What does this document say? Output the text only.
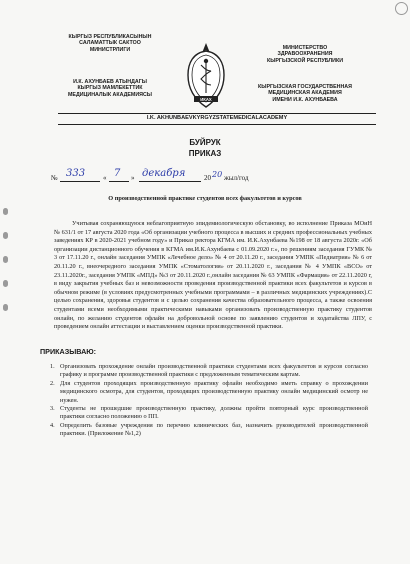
КЫРГЫЗ РЕСПУБЛИКАСЫНЫН
САЛАМАТТЫК САКТОО
МИНИСТРЛИГИ
И.К. АХУНБАЕВ АТЫНДАГЫ
КЫРГЫЗ МАМЛЕКЕТТИК
МЕДИЦИНАЛЫК АКАДЕМИЯСЫ
МИНИСТЕРСТВО
ЗДРАВООХРАНЕНИЯ
КЫРГЫЗСКОЙ РЕСПУБЛИКИ
КЫРГЫЗСКАЯ ГОСУДАРСТВЕННАЯ
МЕДИЦИНСКАЯ АКАДЕМИЯ
ИМЕНИ И.К. АХУНБАЕВА
ИКАХ
I.K. AKHUNBAEVKYRGYZSTATEMEDICALACADEMY
БУЙРУК
ПРИКАЗ
№ 333	« 7 » декабря	20 20 жыл/год
О производственной практике студентов всех факультетов и курсов
Учитывая сохраняющуюся неблагоприятную эпидемиологическую обстановку, во исполнение Приказа МОиН № 631/1 от 17 августа 2020 года «Об организации учебного процесса в высших и средних профессиональных учебных заведениях КР в 2020-2021 учебном году» и Приказ ректора КГМА им. И.К.Ахунбаева №198 от 18 августа 2020г. «Об организации дистанционного обучения в КГМА им.И.К.Ахунбаева с 01.09.2020 г.», по решениям заседания ГУМК № 3 от 17.11.20 г., онлайн заседания УМПК «Лечебное дело» № 4 от 20.11.20 г., заседания УМПК «Педиатрия» № 6 от 20.11.20 г., внеочередного заседания УМПК «Стоматология» от 20.11.2020 г., заседания № 4 УМПК «ВСО» от 23.11.2020г., заседания УМПК «МПД» №3 от 20.11.2020 г.,онлайн заседания № 63 УМПК «Фармация» от 22.11.2020 г, в виду закрытия учебных баз и невозможности проведения производственной практики всех факультетов и курсов в обычном режиме (в условиях предусмотренных учебными программами – в различных медицинских учреждениях).С целью сохранения, здоровья студентов и с целью сохранения качества образовательного процесса, а также освоения студентами всеми необходимыми практическими навыками организовать производственную практику студентов онлайн, по желанию студентов офлайн на добровольной основе по заявлению студентов и ходатайства ЛПУ, с проведением онлайн аттестации и выставлением оценки производственной практики.
ПРИКАЗЫВАЮ:
1. Организовать прохождение онлайн производственной практики студентами всех факультетов и курсов согласно графику и программе производственной практики с предложенным тематическим картам.
2. Для студентов проходящих производственную практику офлайн необходимо иметь справку о прохождении медицинского осмотра, для студентов, проходящих производственную практику онлайн медицинский осмотр не нужен.
3. Студенты не прошедшие производственную практику, должны пройти повторный курс производственной практики согласно положению о ПП.
4. Определить базовые учреждения по перечню клинических баз, назначить руководителей производственной практики. (Приложение №1,2)
